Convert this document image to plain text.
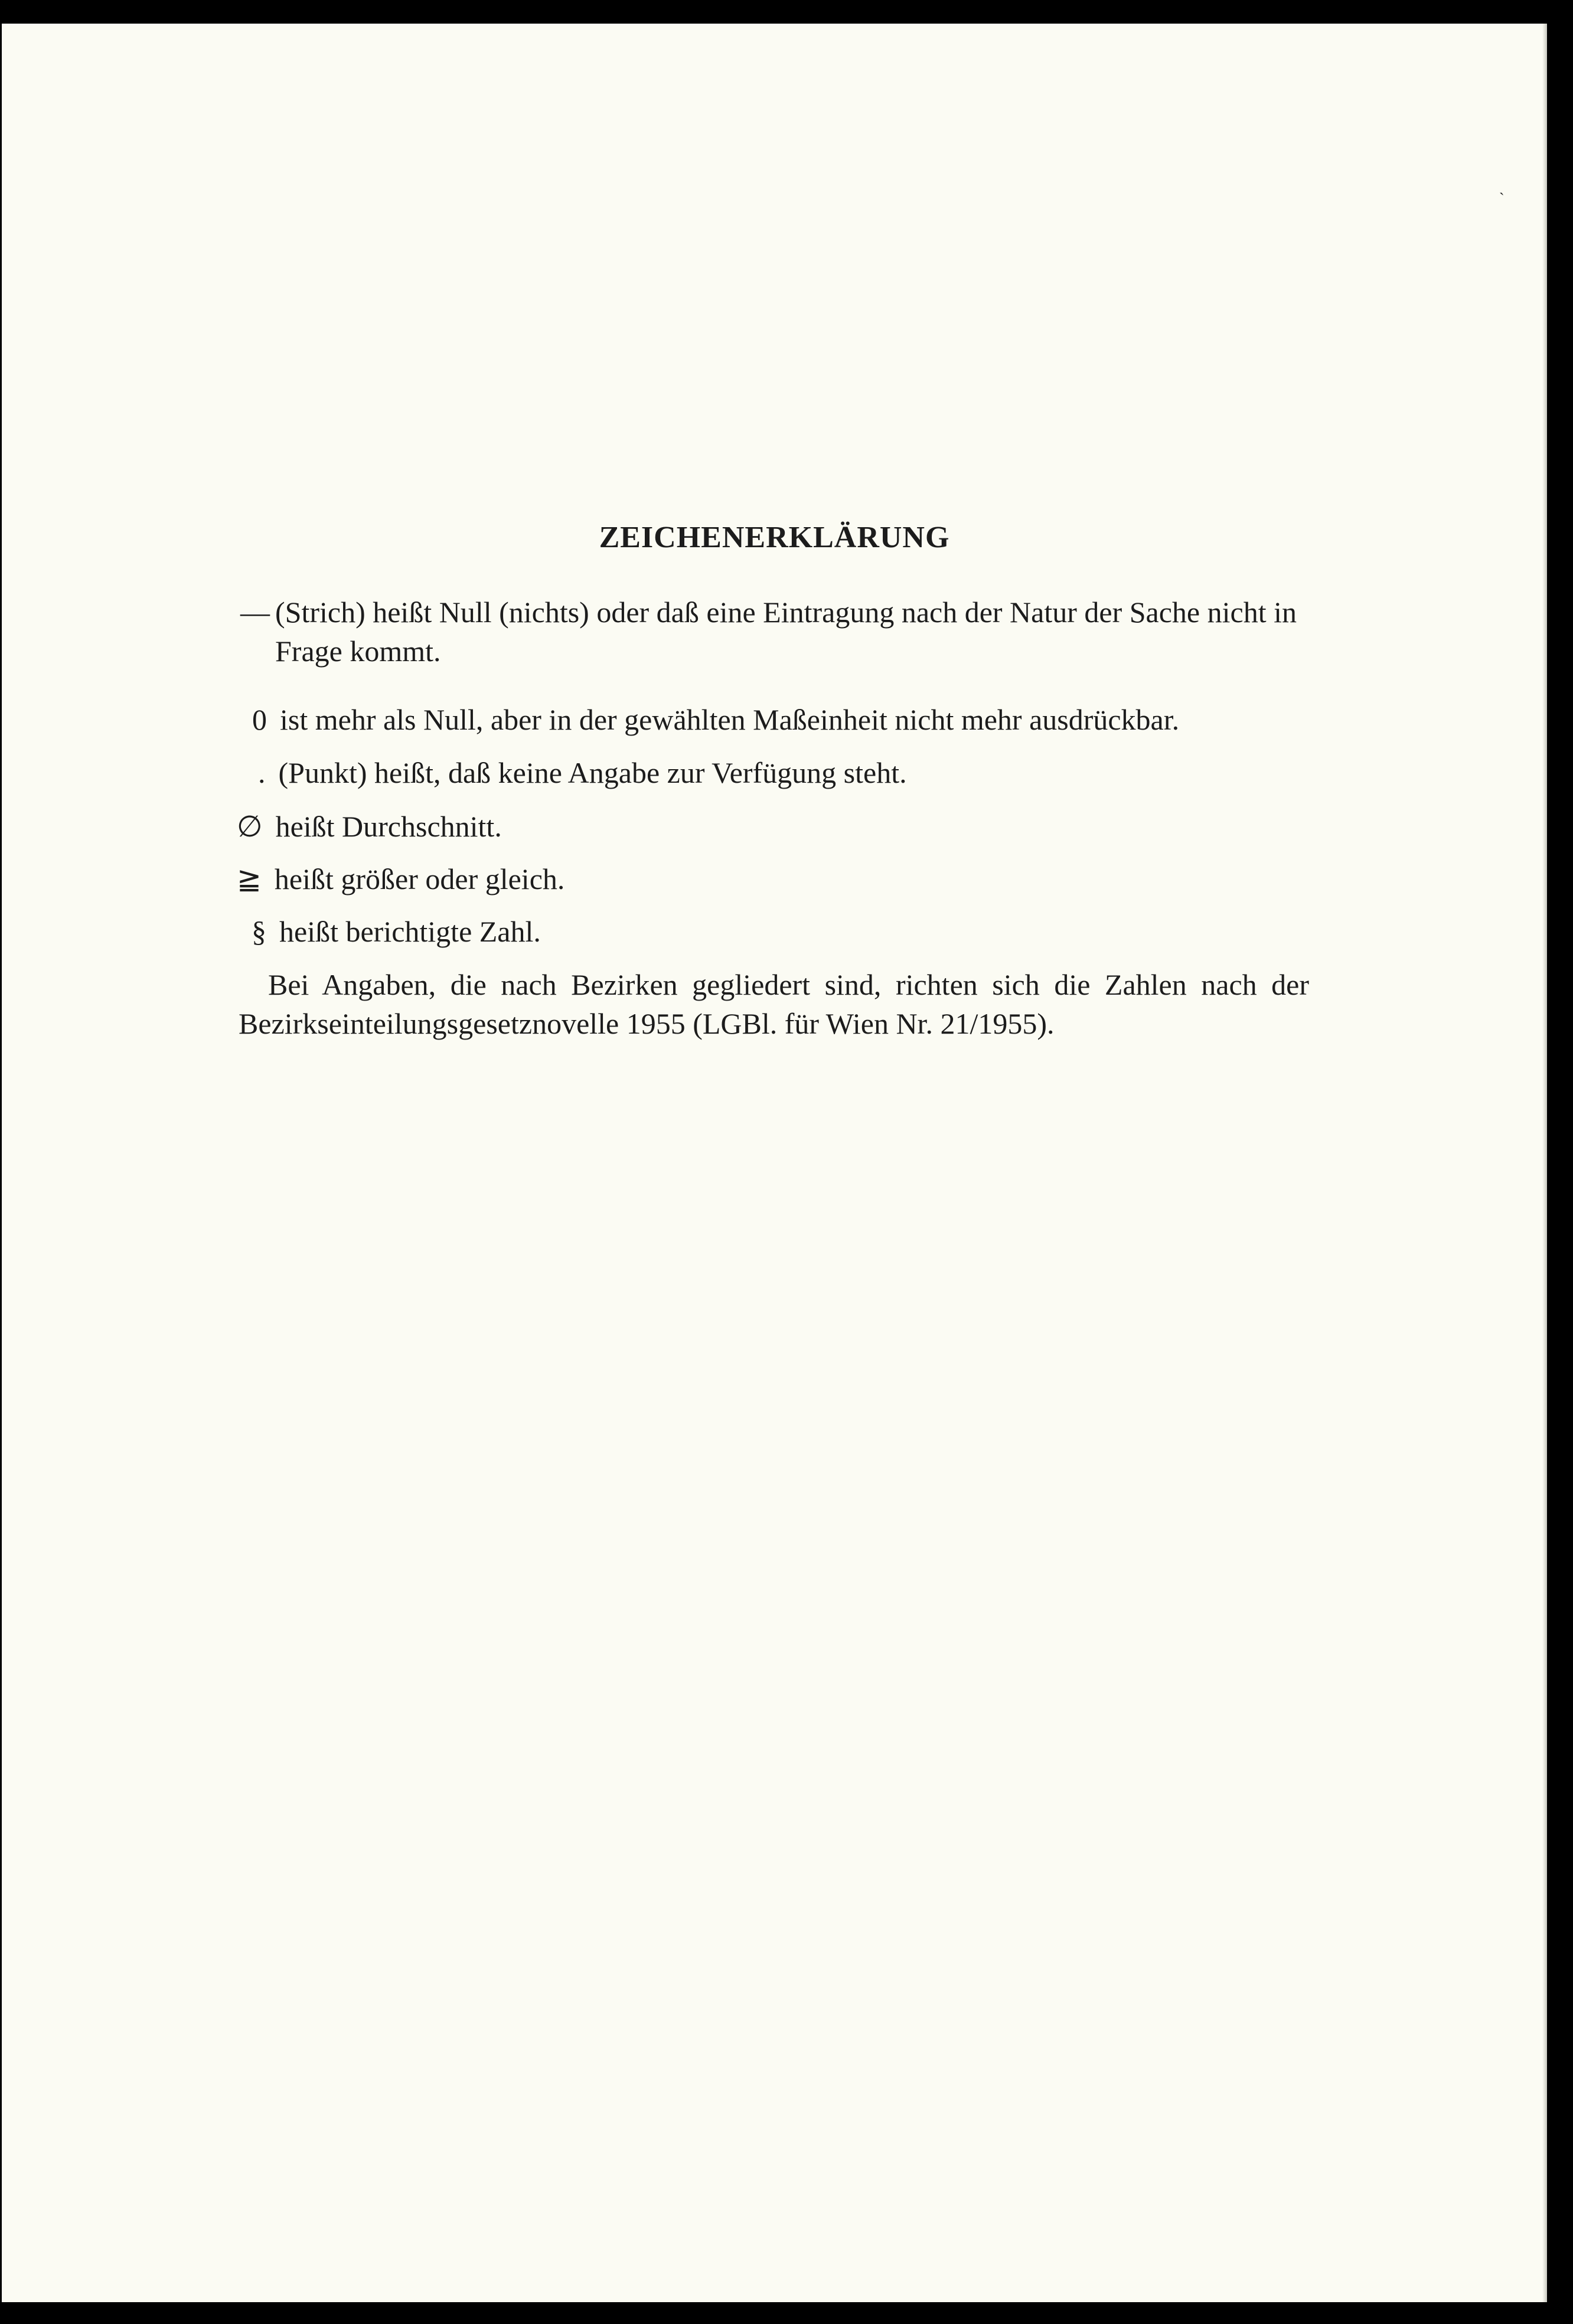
ZEICHENERKLÄRUNG
— (Strich) heißt Null (nichts) oder daß eine Eintragung nach der Natur der Sache nicht in Frage kommt.
0 ist mehr als Null, aber in der gewählten Maßeinheit nicht mehr ausdrückbar.
. (Punkt) heißt, daß keine Angabe zur Verfügung steht.
∅ heißt Durchschnitt.
≧ heißt größer oder gleich.
§ heißt berichtigte Zahl.

Bei Angaben, die nach Bezirken gegliedert sind, richten sich die Zahlen nach der Bezirkseinteilungsgesetznovelle 1955 (LGBl. für Wien Nr. 21/1955).

`
